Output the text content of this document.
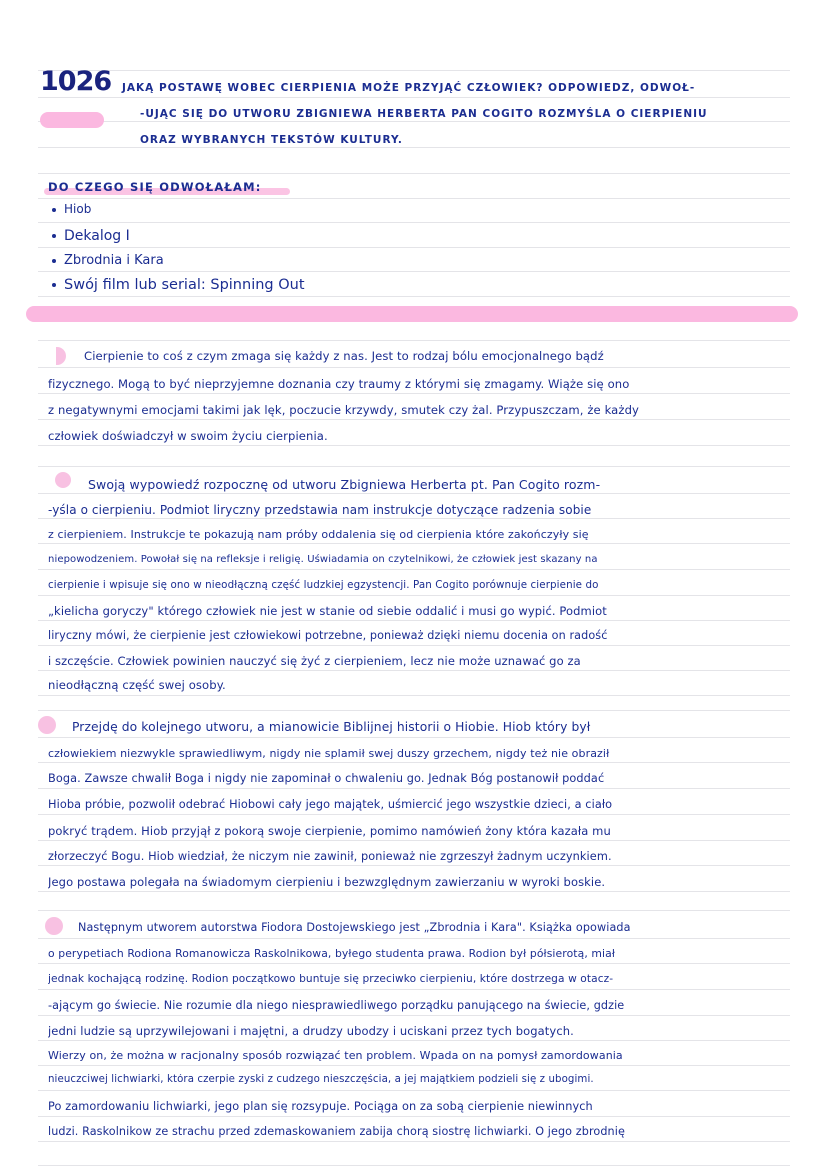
1026 JAKĄ POSTAWĘ WOBEC CIERPIENIA MOŻE PRZYJĄĆ CZŁOWIEK? ODPOWIEDZ, ODWOŁ-
-UJĄC SIĘ DO UTWORU ZBIGNIEWA HERBERTA PAN COGITO ROZMYŚLA O CIERPIENIU
ORAZ WYBRANYCH TEKSTÓW KULTURY.
DO CZEGO SIĘ ODWOŁAŁAM:
Hiob
Dekalog I
Zbrodnia i Kara
Swój film lub serial: Spinning Out
Cierpienie to coś z czym zmaga się każdy z nas. Jest to rodzaj bólu emocjonalnego bądź
fizycznego. Mogą to być nieprzyjemne doznania czy traumy z którymi się zmagamy. Wiąże się ono
z negatywnymi emocjami takimi jak lęk, poczucie krzywdy, smutek czy żal. Przypuszczam, że każdy
człowiek doświadczył w swoim życiu cierpienia.
Swoją wypowiedź rozpocznę od utworu Zbigniewa Herberta pt. Pan Cogito rozm-
-yśla o cierpieniu. Podmiot liryczny przedstawia nam instrukcje dotyczące radzenia sobie
z cierpieniem. Instrukcje te pokazują nam próby oddalenia się od cierpienia które zakończyły się
niepowodzeniem. Powołał się na refleksje i religię. Uświadamia on czytelnikowi, że człowiek jest skazany na
cierpienie i wpisuje się ono w nieodłączną część ludzkiej egzystencji. Pan Cogito porównuje cierpienie do
„kielicha goryczy" którego człowiek nie jest w stanie od siebie oddalić i musi go wypić. Podmiot
liryczny mówi, że cierpienie jest człowiekowi potrzebne, ponieważ dzięki niemu docenia on radość
i szczęście. Człowiek powinien nauczyć się żyć z cierpieniem, lecz nie może uznawać go za
nieodłączną część swej osoby.
Przejdę do kolejnego utworu, a mianowicie Biblijnej historii o Hiobie. Hiob który był
człowiekiem niezwykle sprawiedliwym, nigdy nie splamił swej duszy grzechem, nigdy też nie obraził
Boga. Zawsze chwalił Boga i nigdy nie zapominał o chwaleniu go. Jednak Bóg postanowił poddać
Hioba próbie, pozwolił odebrać Hiobowi cały jego majątek, uśmiercić jego wszystkie dzieci, a ciało
pokryć trądem. Hiob przyjął z pokorą swoje cierpienie, pomimo namówień żony która kazała mu
złorzeczyć Bogu. Hiob wiedział, że niczym nie zawinił, ponieważ nie zgrzeszył żadnym uczynkiem.
Jego postawa polegała na świadomym cierpieniu i bezwzględnym zawierzaniu w wyroki boskie.
Następnym utworem autorstwa Fiodora Dostojewskiego jest „Zbrodnia i Kara". Książka opowiada
o perypetiach Rodiona Romanowicza Raskolnikowa, byłego studenta prawa. Rodion był półsierotą, miał
jednak kochającą rodzinę. Rodion początkowo buntuje się przeciwko cierpieniu, które dostrzega w otacz-
-ającym go świecie. Nie rozumie dla niego niesprawiedliwego porządku panującego na świecie, gdzie
jedni ludzie są uprzywilejowani i majętni, a drudzy ubodzy i uciskani przez tych bogatych.
Wierzy on, że można w racjonalny sposób rozwiązać ten problem. Wpada on na pomysł zamordowania
nieuczciwej lichwiarki, która czerpie zyski z cudzego nieszczęścia, a jej majątkiem podzieli się z ubogimi.
Po zamordowaniu lichwiarki, jego plan się rozsypuje. Pociąga on za sobą cierpienie niewinnych
ludzi. Raskolnikow ze strachu przed zdemaskowaniem zabija chorą siostrę lichwiarki. O jego zbrodnię
